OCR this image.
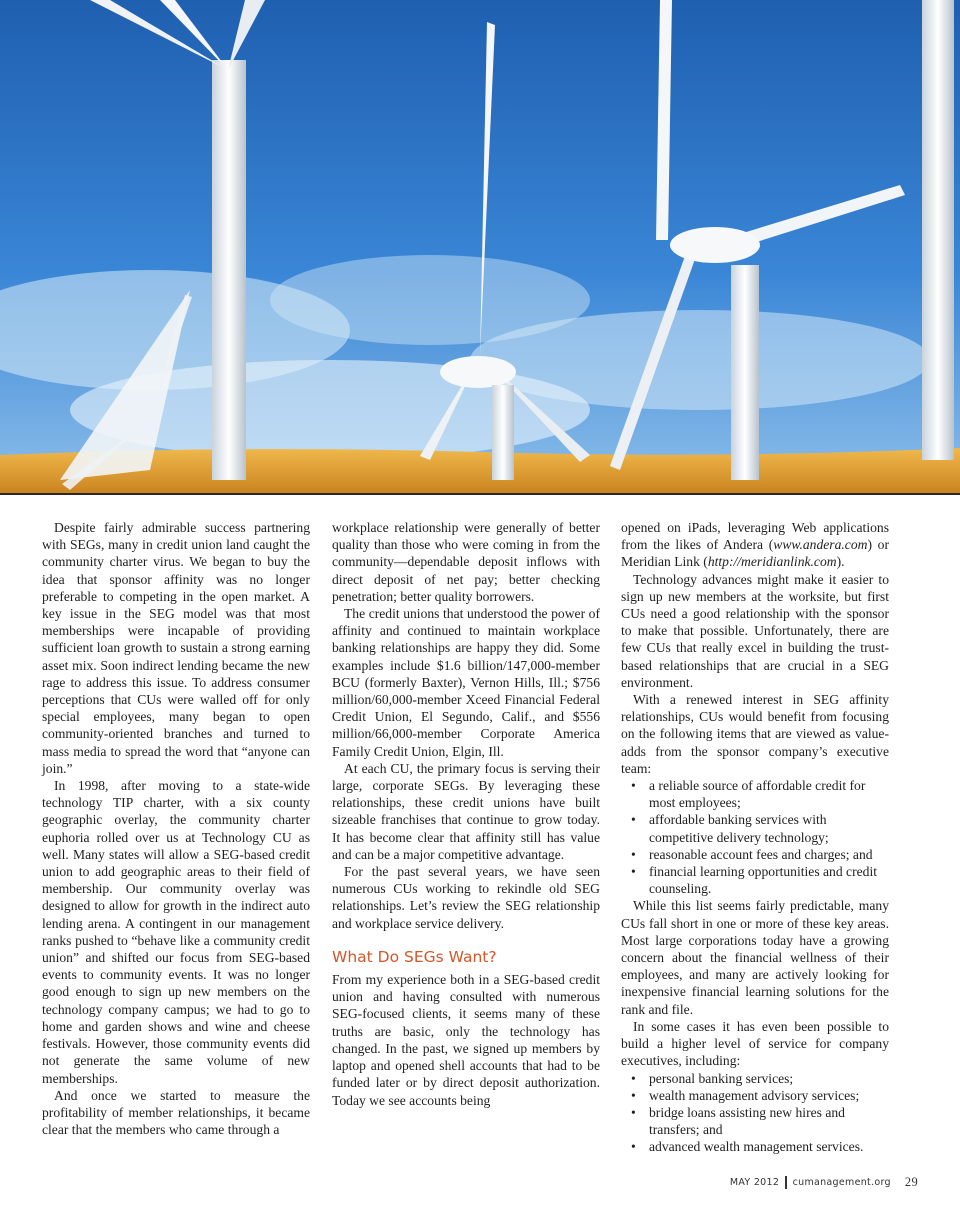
Despite fairly admirable success partnering with SEGs, many in credit union land caught the community charter virus. We began to buy the idea that sponsor affinity was no longer preferable to competing in the open market. A key issue in the SEG model was that most memberships were incapable of providing sufficient loan growth to sustain a strong earning asset mix. Soon indirect lending became the new rage to address this issue. To address consumer perceptions that CUs were walled off for only special employees, many began to open community-oriented branches and turned to mass media to spread the word that “anyone can join.”

In 1998, after moving to a state-wide technology TIP charter, with a six county geographic overlay, the community charter euphoria rolled over us at Technology CU as well. Many states will allow a SEG-based credit union to add geographic areas to their field of membership. Our community overlay was designed to allow for growth in the indirect auto lending arena. A contingent in our management ranks pushed to “behave like a community credit union” and shifted our focus from SEG-based events to community events. It was no longer good enough to sign up new members on the technology company campus; we had to go to home and garden shows and wine and cheese festivals. However, those community events did not generate the same volume of new memberships.

And once we started to measure the profitability of member relationships, it became clear that the members who came through a

workplace relationship were generally of better quality than those who were coming in from the community—dependable deposit inflows with direct deposit of net pay; better checking penetration; better quality borrowers.

The credit unions that understood the power of affinity and continued to maintain workplace banking relationships are happy they did. Some examples include $1.6 billion/147,000-member BCU (formerly Baxter), Vernon Hills, Ill.; $756 million/60,000-member Xceed Financial Federal Credit Union, El Segundo, Calif., and $556 million/66,000-member Corporate America Family Credit Union, Elgin, Ill.

At each CU, the primary focus is serving their large, corporate SEGs. By leveraging these relationships, these credit unions have built sizeable franchises that continue to grow today. It has become clear that affinity still has value and can be a major competitive advantage.

For the past several years, we have seen numerous CUs working to rekindle old SEG relationships. Let’s review the SEG relationship and workplace service delivery.

What Do SEGs Want?

From my experience both in a SEG-based credit union and having consulted with numerous SEG-focused clients, it seems many of these truths are basic, only the technology has changed. In the past, we signed up members by laptop and opened shell accounts that had to be funded later or by direct deposit authorization. Today we see accounts being

opened on iPads, leveraging Web applications from the likes of Andera (www.andera.com) or Meridian Link (http://meridianlink.com).

Technology advances might make it easier to sign up new members at the worksite, but first CUs need a good relationship with the sponsor to make that possible. Unfortunately, there are few CUs that really excel in building the trust-based relationships that are crucial in a SEG environment.

With a renewed interest in SEG affinity relationships, CUs would benefit from focusing on the following items that are viewed as value-adds from the sponsor company’s executive team:

• a reliable source of affordable credit for most employees;
• affordable banking services with competitive delivery technology;
• reasonable account fees and charges; and
• financial learning opportunities and credit counseling.

While this list seems fairly predictable, many CUs fall short in one or more of these key areas. Most large corporations today have a growing concern about the financial wellness of their employees, and many are actively looking for inexpensive financial learning solutions for the rank and file.

In some cases it has even been possible to build a higher level of service for company executives, including:

• personal banking services;
• wealth management advisory services;
• bridge loans assisting new hires and transfers; and
• advanced wealth management services.
MAY 2012 cumanagement.org 29
